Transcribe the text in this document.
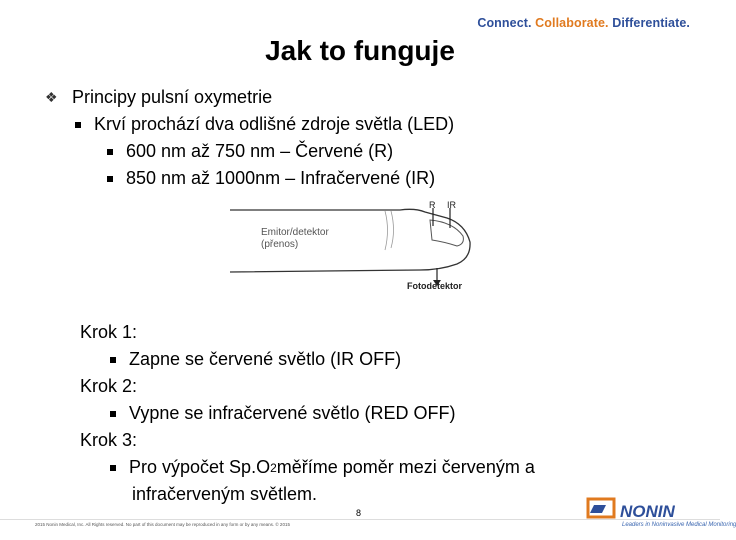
Connect. Collaborate. Differentiate.
Jak to funguje
❖ Principy pulsní oxymetrie
Krví prochází dva odlišné zdroje světla (LED)
600 nm až 750 nm – Červené (R)
850 nm až 1000nm – Infračervené (IR)
R IR
Emitor/detektor
(přenos)
Fotodetektor
Krok 1:
Zapne se červené světlo (IR OFF)
Krok 2:
Vypne se infračervené světlo (RED OFF)
Krok 3:
Pro výpočet Sp.O 2 měříme poměr mezi červeným a
infračerveným světlem.
8
2015 Nonin Medical, Inc. All Rights reserved. No part of this document may be reproduced in any form or by any means. © 2015
NONIN
Leaders in Noninvasive Medical Monitoring
